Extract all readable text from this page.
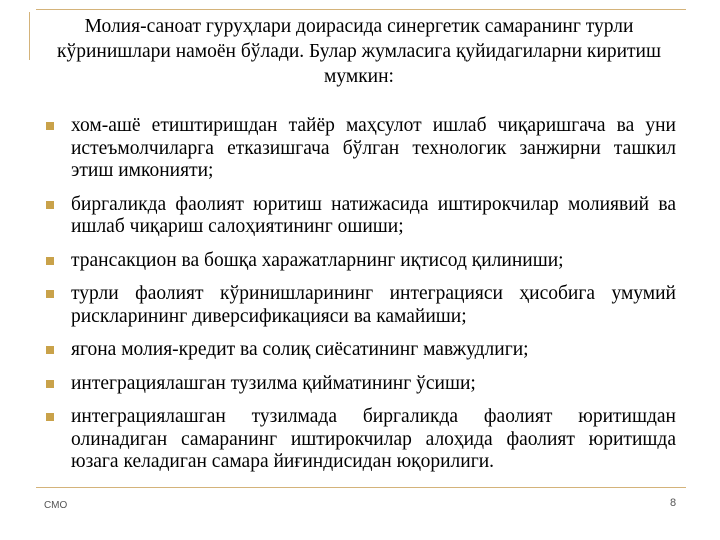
Молия-саноат гуруҳлари доирасида синергетик самаранинг турли кўринишлари намоён бўлади. Булар жумласига қуйидагиларни киритиш мумкин:
хом-ашё етиштиришдан тайёр маҳсулот ишлаб чиқаришгача ва уни истеъмолчиларга етказишгача бўлган технологик занжирни ташкил этиш имконияти;
биргаликда фаолият юритиш натижасида иштирокчилар молиявий ва ишлаб чиқариш салоҳиятининг ошиши;
трансакцион ва бошқа харажатларнинг иқтисод қилиниши;
турли фаолият кўринишларининг интеграцияси ҳисобига умумий рискларининг диверсификацияси ва камайиши;
ягона молия-кредит ва солиқ сиёсатининг мавжудлиги;
интеграциялашган тузилма қийматининг ўсиши;
интеграциялашган тузилмада биргаликда фаолият юритишдан олинадиган самаранинг иштирокчилар алоҳида фаолият юритишда юзага келадиган самара йиғиндисидан юқорилиги.
СМО	8
